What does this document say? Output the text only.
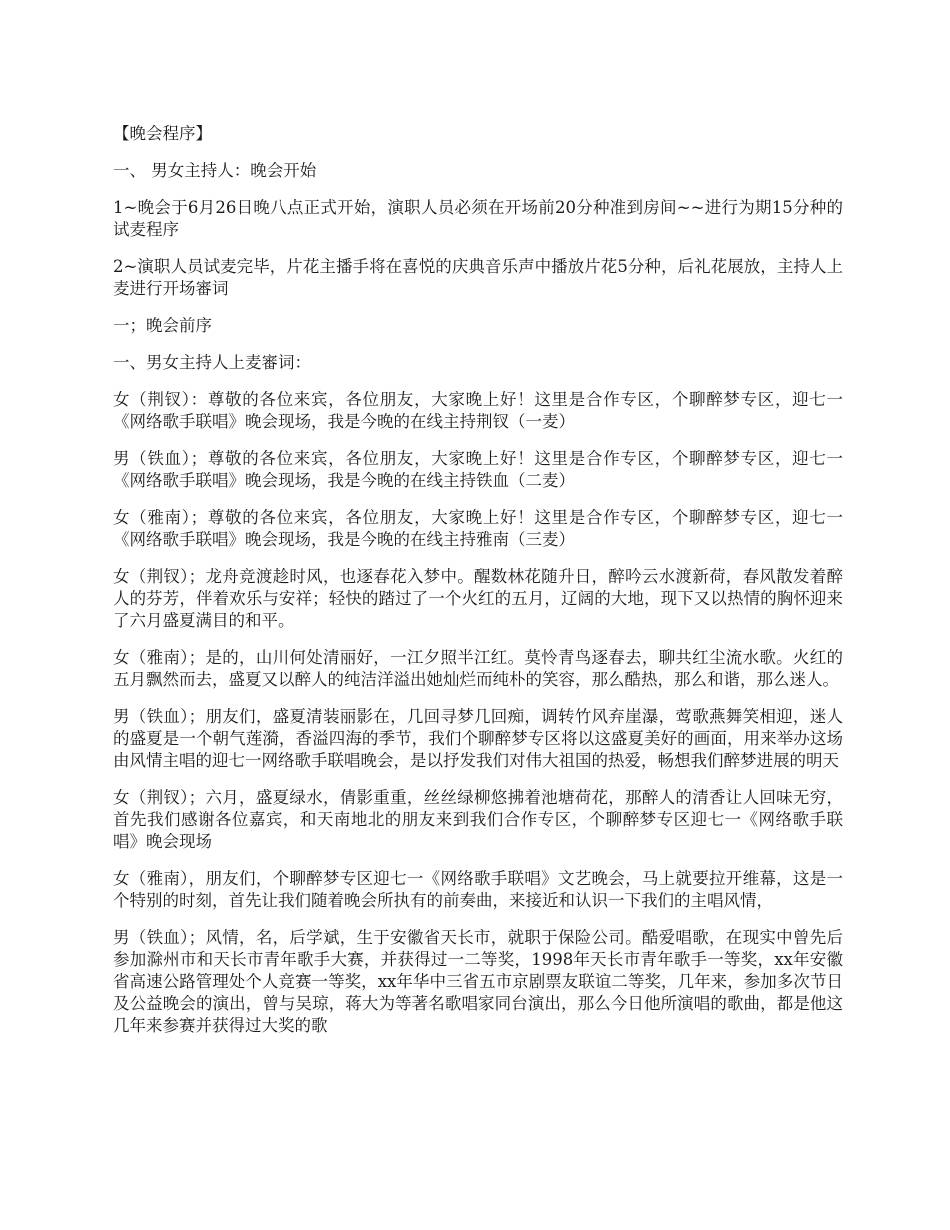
【晚会程序】

一、 男女主持人：晚会开始

1~晚会于6月26日晚八点正式开始，演职人员必须在开场前20分种准到房间~~进行为期15分种的试麦程序

2~演职人员试麦完毕，片花主播手将在喜悦的庆典音乐声中播放片花5分种，后礼花展放，主持人上麦进行开场審词

一；晚会前序

一、男女主持人上麦審词：

女（荆钗）：尊敬的各位来宾，各位朋友，大家晚上好！这里是合作专区，个聊醉梦专区，迎七一《网络歌手联唱》晚会现场，我是今晚的在线主持荆钗（一麦）

男（铁血）；尊敬的各位来宾，各位朋友，大家晚上好！这里是合作专区，个聊醉梦专区，迎七一《网络歌手联唱》晚会现场，我是今晚的在线主持铁血（二麦）

女（雅南）；尊敬的各位来宾，各位朋友，大家晚上好！这里是合作专区，个聊醉梦专区，迎七一《网络歌手联唱》晚会现场，我是今晚的在线主持雅南（三麦）

女（荆钗）；龙舟竞渡趁时风，也逐春花入梦中。醒数林花随升日，醉吟云水渡新荷，春风散发着醉人的芬芳，伴着欢乐与安祥；轻快的踏过了一个火红的五月，辽阔的大地，现下又以热情的胸怀迎来了六月盛夏满目的和平。

女（雅南）；是的，山川何处清丽好，一江夕照半江红。莫怜青鸟逐春去，聊共红尘流水歌。火红的五月飘然而去，盛夏又以醉人的纯洁洋溢出她灿烂而纯朴的笑容，那么酷热，那么和谐，那么迷人。

男（铁血）；朋友们，盛夏清装丽影在，几回寻梦几回痴，调转竹风弃崖瀑，莺歌燕舞笑相迎，迷人的盛夏是一个朝气莲漪，香溢四海的季节，我们个聊醉梦专区将以这盛夏美好的画面，用来举办这场由风情主唱的迎七一网络歌手联唱晚会，是以抒发我们对伟大祖国的热爱，畅想我们醉梦进展的明天

女（荆钗）；六月，盛夏绿水，倩影重重，丝丝绿柳悠拂着池塘荷花，那醉人的清香让人回味无穷，首先我们感谢各位嘉宾，和天南地北的朋友来到我们合作专区，个聊醉梦专区迎七一《网络歌手联唱》晚会现场

女（雅南），朋友们，个聊醉梦专区迎七一《网络歌手联唱》文艺晚会，马上就要拉开维幕，这是一个特别的时刻，首先让我们随着晚会所执有的前奏曲，来接近和认识一下我们的主唱风情，

男（铁血）；风情，名，后学斌，生于安徽省天长市，就职于保险公司。酷爱唱歌，在现实中曾先后参加滁州市和天长市青年歌手大赛，并获得过一二等奖，1998年天长市青年歌手一等奖，xx年安徽省高速公路管理处个人竞赛一等奖，xx年华中三省五市京剧票友联谊二等奖，几年来，参加多次节日及公益晚会的演出，曾与吴琼，蒋大为等著名歌唱家同台演出，那么今日他所演唱的歌曲，都是他这几年来参赛并获得过大奖的歌
